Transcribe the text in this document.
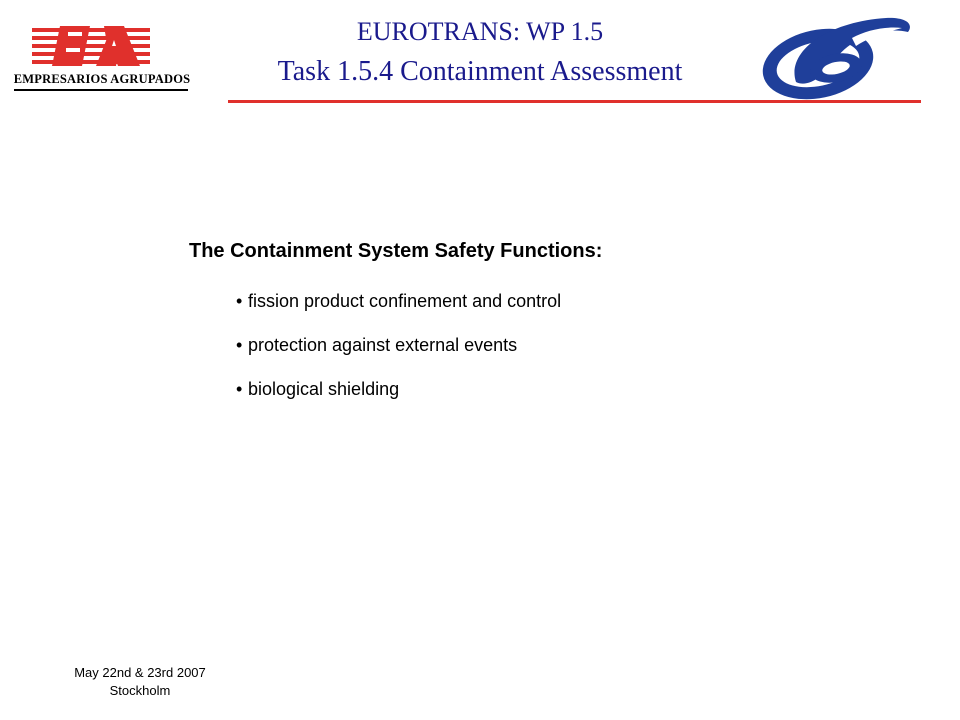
EMPRESARIOS AGRUPADOS
EUROTRANS: WP 1.5
Task 1.5.4 Containment Assessment
The Containment System Safety Functions:
• fission product confinement and control
• protection against external events
• biological shielding
May 22nd & 23rd 2007
Stockholm
